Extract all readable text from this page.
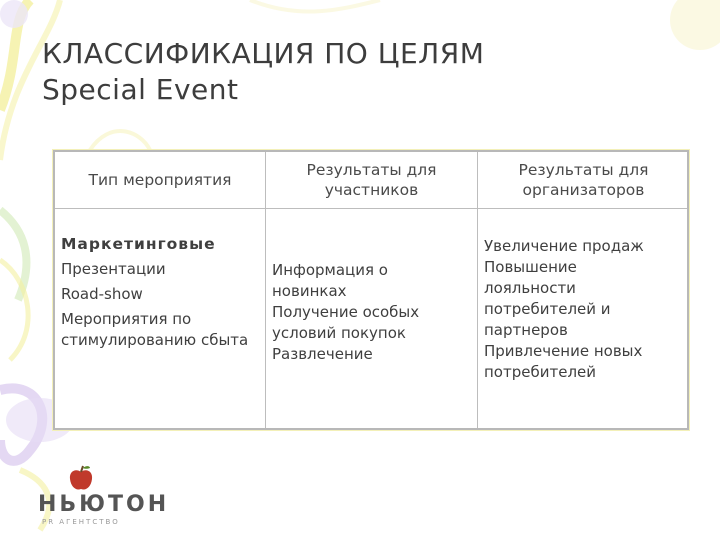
КЛАССИФИКАЦИЯ ПО ЦЕЛЯМ
Special Event
Тип мероприятия
Результаты для участников
Результаты для организаторов
Маркетинговые
Презентации
Road-show
Мероприятия по стимулированию сбыта
Информация о новинках
Получение особых условий покупок
Развлечение
Увеличение продаж
Повышение лояльности потребителей и партнеров
Привлечение новых потребителей
НЬЮТОН
PR АГЕНТСТВО
